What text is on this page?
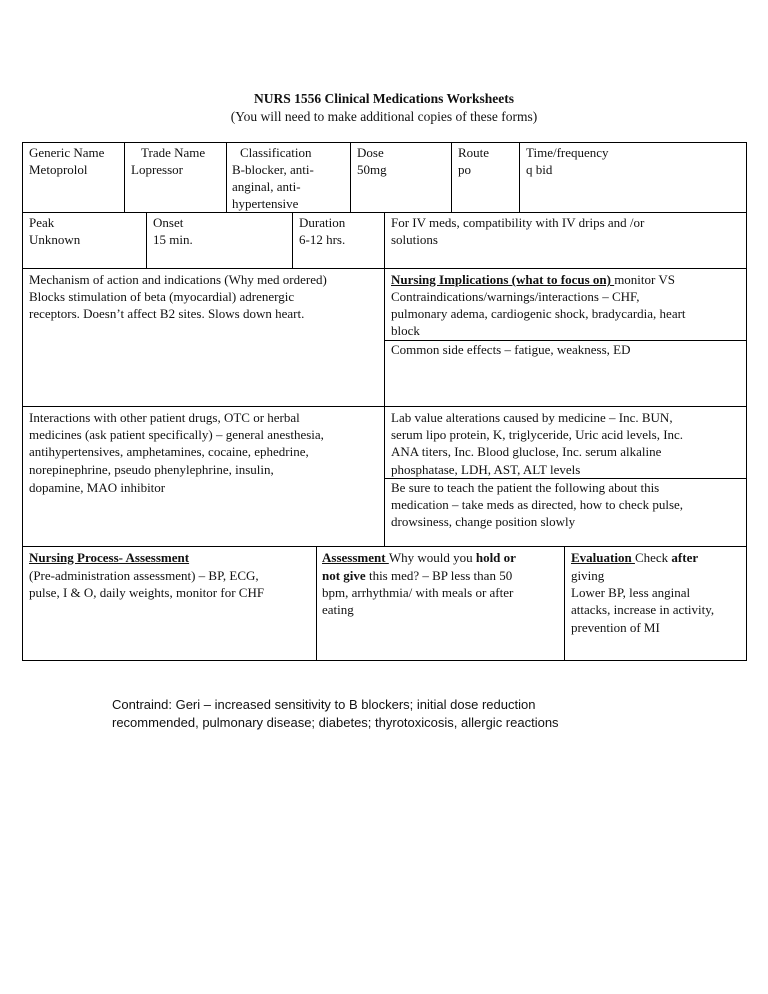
NURS 1556 Clinical Medications Worksheets
(You will need to make additional copies of these forms)
Generic Name
Metoprolol
Trade Name
Lopressor
Classification
B-blocker, anti-
anginal, anti-
hypertensive
Dose
50mg
Route
po
Time/frequency
q bid
Peak
Unknown
Onset
15 min.
Duration
6-12 hrs.
For IV meds, compatibility with IV drips and /or
solutions
Mechanism of action and indications (Why med ordered)
Blocks stimulation of beta (myocardial) adrenergic
receptors. Doesn’t affect B2 sites. Slows down heart.
Nursing Implications (what to focus on) monitor VS
Contraindications/warnings/interactions – CHF,
pulmonary adema, cardiogenic shock, bradycardia, heart
block
Common side effects – fatigue, weakness, ED
Interactions with other patient drugs, OTC or herbal
medicines (ask patient specifically) – general anesthesia,
antihypertensives, amphetamines, cocaine, ephedrine,
norepinephrine, pseudo phenylephrine, insulin,
dopamine, MAO inhibitor
Lab value alterations caused by medicine – Inc. BUN,
serum lipo protein, K, triglyceride, Uric acid levels, Inc.
ANA titers, Inc. Blood gluclose, Inc. serum alkaline
phosphatase, LDH, AST, ALT levels
Be sure to teach the patient the following about this
medication – take meds as directed, how to check pulse,
drowsiness, change position slowly
Nursing Process- Assessment
(Pre-administration assessment) – BP, ECG,
pulse, I & O, daily weights, monitor for CHF
Assessment Why would you hold or
not give this med? – BP less than 50
bpm, arrhythmia/ with meals or after
eating
Evaluation Check after
giving
Lower BP, less anginal
attacks, increase in activity,
prevention of MI
Contraind: Geri – increased sensitivity to B blockers; initial dose reduction
recommended, pulmonary disease; diabetes; thyrotoxicosis, allergic reactions
